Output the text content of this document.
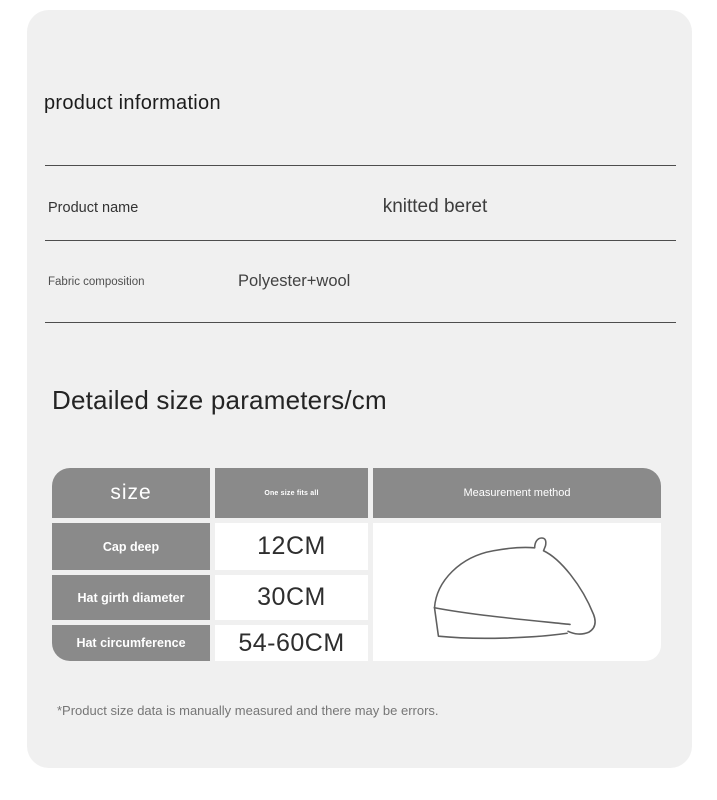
product information
Product name	knitted beret
Fabric composition	Polyester+wool
Detailed size parameters/cm
size	One size fits all	Measurement method
Cap deep	12CM
Hat girth diameter	30CM
Hat circumference	54-60CM
*Product size data is manually measured and there may be errors.
